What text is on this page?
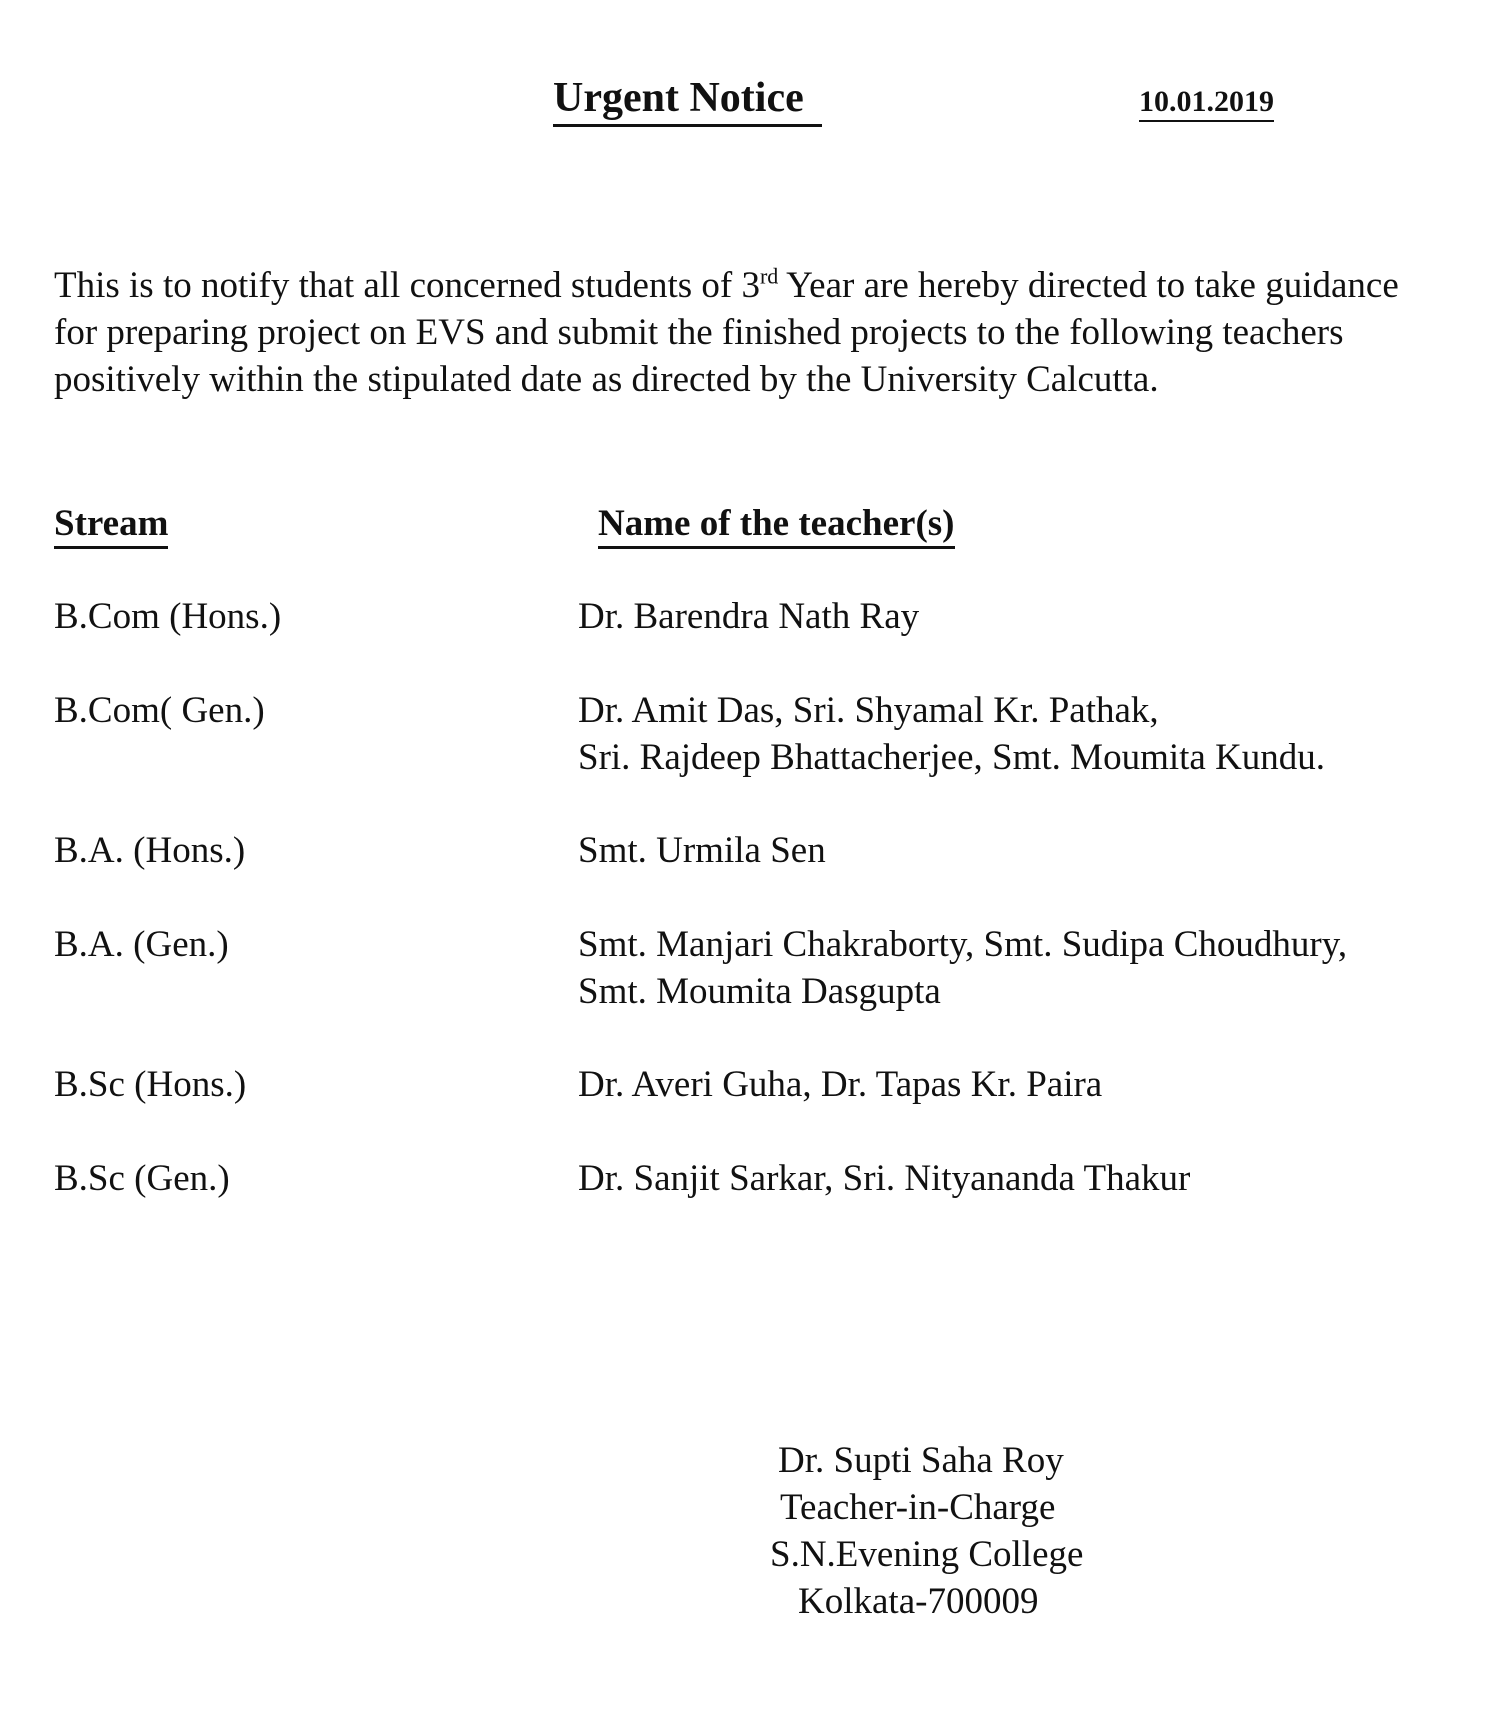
Urgent Notice	10.01.2019
This is to notify that all concerned students of 3rd Year are hereby directed to take guidance for preparing project on EVS and submit the finished projects to the following teachers positively within the stipulated date as directed by the University Calcutta.
Stream	Name of the teacher(s)
B.Com (Hons.)	Dr. Barendra Nath Ray
B.Com( Gen.)	Dr. Amit Das, Sri. Shyamal Kr. Pathak,
Sri. Rajdeep Bhattacherjee, Smt. Moumita Kundu.
B.A. (Hons.)	Smt. Urmila Sen
B.A. (Gen.)	Smt. Manjari Chakraborty, Smt. Sudipa Choudhury,
Smt. Moumita Dasgupta
B.Sc (Hons.)	Dr. Averi Guha, Dr. Tapas Kr. Paira
B.Sc (Gen.)	Dr. Sanjit Sarkar, Sri. Nityananda Thakur
Dr. Supti Saha Roy
Teacher-in-Charge
S.N.Evening College
Kolkata-700009
